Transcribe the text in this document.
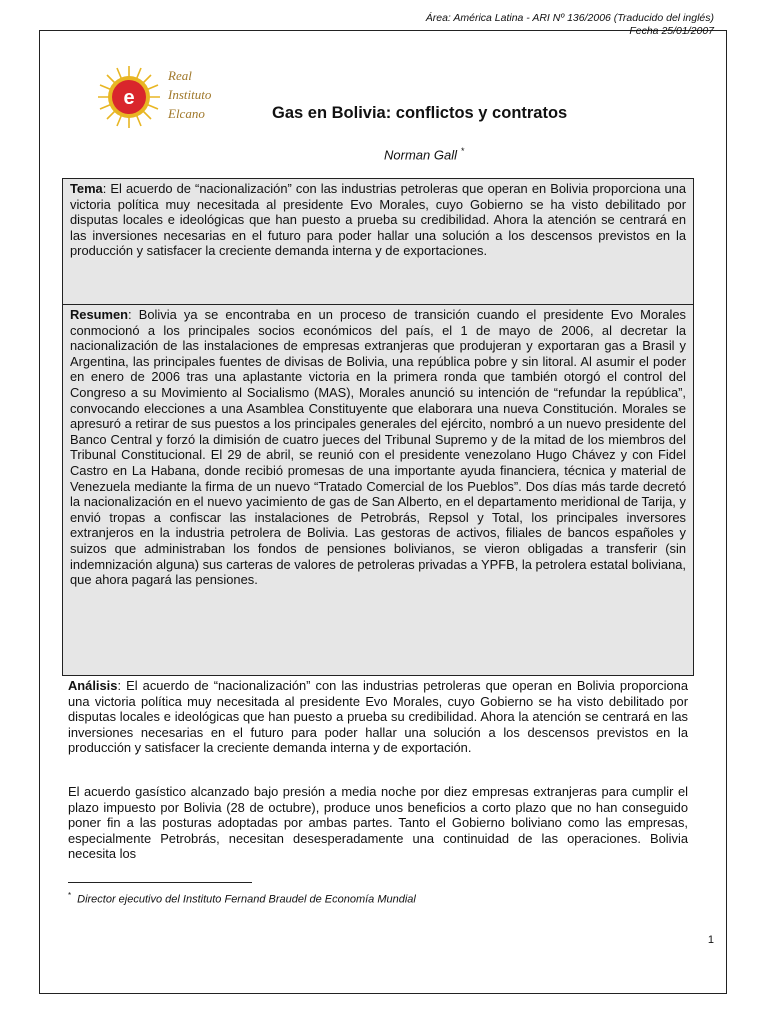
Área: América Latina - ARI Nº 136/2006 (Traducido del inglés)
Fecha 25/01/2007
e
Real
Instituto
Elcano	Gas en Bolivia: conflictos y contratos

Norman Gall *

Tema: El acuerdo de “nacionalización” con las industrias petroleras que operan en Bolivia proporciona una victoria política muy necesitada al presidente Evo Morales, cuyo Gobierno se ha visto debilitado por disputas locales e ideológicas que han puesto a prueba su credibilidad. Ahora la atención se centrará en las inversiones necesarias en el futuro para poder hallar una solución a los descensos previstos en la producción y satisfacer la creciente demanda interna y de exportaciones.

Resumen: Bolivia ya se encontraba en un proceso de transición cuando el presidente Evo Morales conmocionó a los principales socios económicos del país, el 1 de mayo de 2006, al decretar la nacionalización de las instalaciones de empresas extranjeras que produjeran y exportaran gas a Brasil y Argentina, las principales fuentes de divisas de Bolivia, una república pobre y sin litoral. Al asumir el poder en enero de 2006 tras una aplastante victoria en la primera ronda que también otorgó el control del Congreso a su Movimiento al Socialismo (MAS), Morales anunció su intención de “refundar la república”, convocando elecciones a una Asamblea Constituyente que elaborara una nueva Constitución. Morales se apresuró a retirar de sus puestos a los principales generales del ejército, nombró a un nuevo presidente del Banco Central y forzó la dimisión de cuatro jueces del Tribunal Supremo y de la mitad de los miembros del Tribunal Constitucional. El 29 de abril, se reunió con el presidente venezolano Hugo Chávez y con Fidel Castro en La Habana, donde recibió promesas de una importante ayuda financiera, técnica y material de Venezuela mediante la firma de un nuevo “Tratado Comercial de los Pueblos”. Dos días más tarde decretó la nacionalización en el nuevo yacimiento de gas de San Alberto, en el departamento meridional de Tarija, y envió tropas a confiscar las instalaciones de Petrobrás, Repsol y Total, los principales inversores extranjeros en la industria petrolera de Bolivia. Las gestoras de activos, filiales de bancos españoles y suizos que administraban los fondos de pensiones bolivianos, se vieron obligadas a transferir (sin indemnización alguna) sus carteras de valores de petroleras privadas a YPFB, la petrolera estatal boliviana, que ahora pagará las pensiones.

Análisis: El acuerdo de “nacionalización” con las industrias petroleras que operan en Bolivia proporciona una victoria política muy necesitada al presidente Evo Morales, cuyo Gobierno se ha visto debilitado por disputas locales e ideológicas que han puesto a prueba su credibilidad. Ahora la atención se centrará en las inversiones necesarias en el futuro para poder hallar una solución a los descensos previstos en la producción y satisfacer la creciente demanda interna y de exportación.

El acuerdo gasístico alcanzado bajo presión a media noche por diez empresas extranjeras para cumplir el plazo impuesto por Bolivia (28 de octubre), produce unos beneficios a corto plazo que no han conseguido poner fin a las posturas adoptadas por ambas partes. Tanto el Gobierno boliviano como las empresas, especialmente Petrobrás, necesitan desesperadamente una continuidad de las operaciones. Bolivia necesita los

* Director ejecutivo del Instituto Fernand Braudel de Economía Mundial

1
